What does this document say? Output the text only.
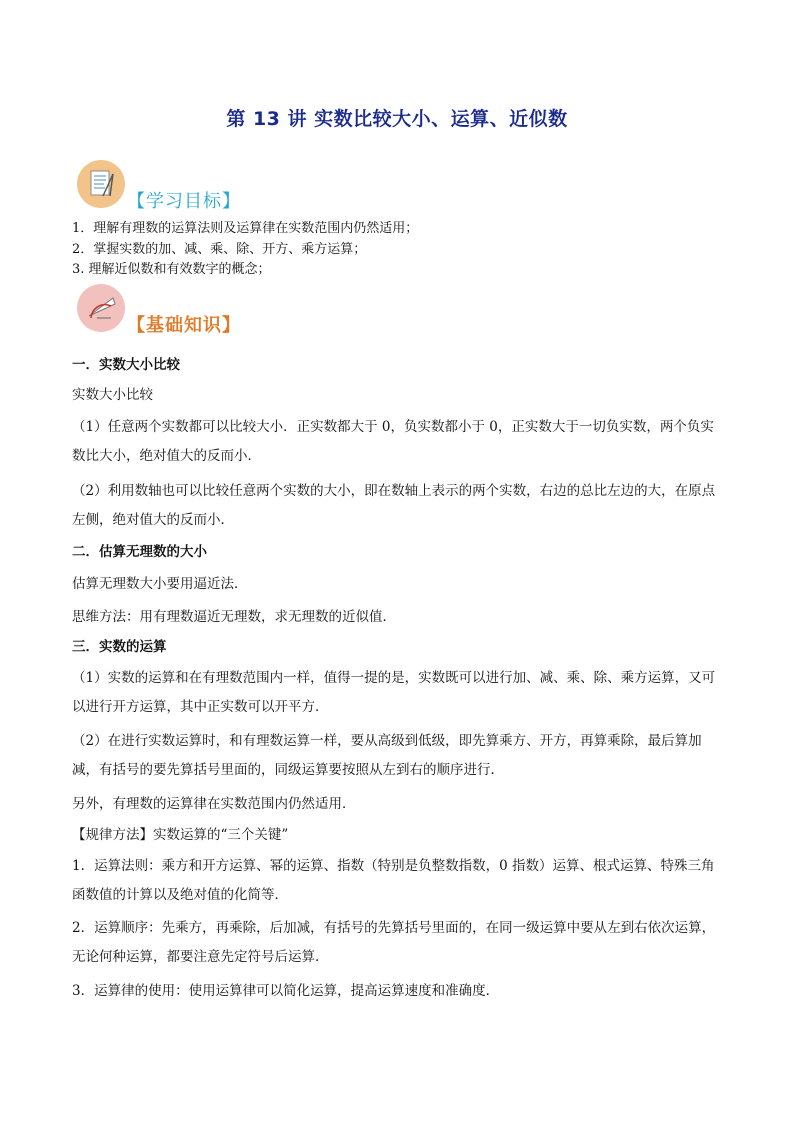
第 13 讲 实数比较大小、运算、近似数
【学习目标】
1．理解有理数的运算法则及运算律在实数范围内仍然适用；
2．掌握实数的加、减、乘、除、开方、乘方运算；
3. 理解近似数和有效数字的概念；
【基础知识】
一．实数大小比较
实数大小比较
（1）任意两个实数都可以比较大小．正实数都大于 0，负实数都小于 0，正实数大于一切负实数，两个负实数比大小，绝对值大的反而小．
（2）利用数轴也可以比较任意两个实数的大小，即在数轴上表示的两个实数，右边的总比左边的大，在原点左侧，绝对值大的反而小．
二．估算无理数的大小
估算无理数大小要用逼近法．
思维方法：用有理数逼近无理数，求无理数的近似值．
三．实数的运算
（1）实数的运算和在有理数范围内一样，值得一提的是，实数既可以进行加、减、乘、除、乘方运算，又可以进行开方运算，其中正实数可以开平方．
（2）在进行实数运算时，和有理数运算一样，要从高级到低级，即先算乘方、开方，再算乘除，最后算加减，有括号的要先算括号里面的，同级运算要按照从左到右的顺序进行．
另外，有理数的运算律在实数范围内仍然适用．
【规律方法】实数运算的“三个关键”
1．运算法则：乘方和开方运算、幂的运算、指数（特别是负整数指数，0 指数）运算、根式运算、特殊三角函数值的计算以及绝对值的化简等．
2．运算顺序：先乘方，再乘除，后加减，有括号的先算括号里面的，在同一级运算中要从左到右依次运算，无论何种运算，都要注意先定符号后运算．
3．运算律的使用：使用运算律可以简化运算，提高运算速度和准确度．
